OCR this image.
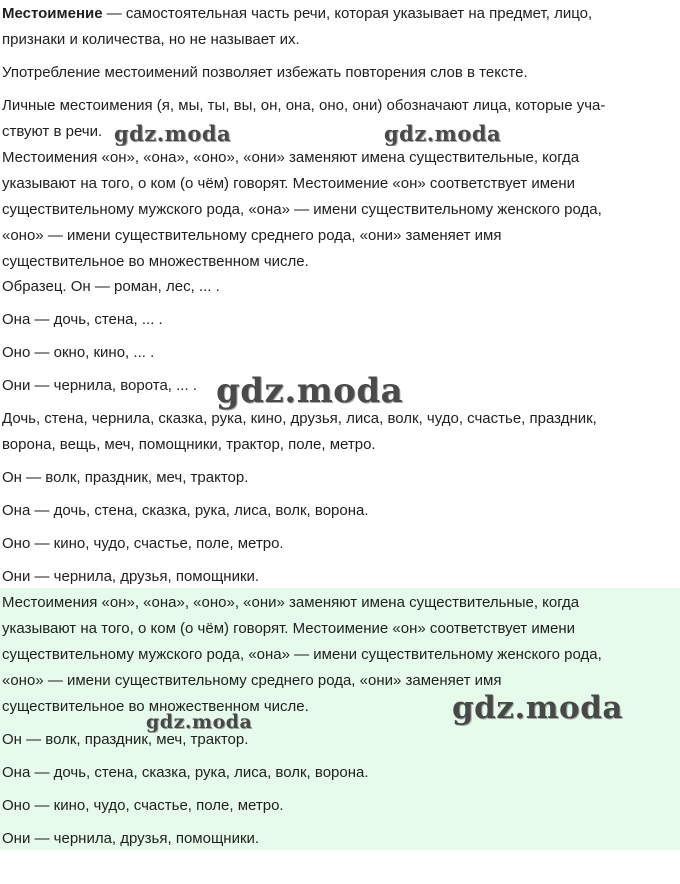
Местоимение — самостоятельная часть речи, которая указывает на предмет, лицо,
признаки и количества, но не называет их.
Употребление местоимений позволяет избежать повторения слов в тексте.
Личные местоимения (я, мы, ты, вы, он, она, оно, они) обозначают лица, которые уча-
ствуют в речи.
Местоимения «он», «она», «оно», «они» заменяют имена существительные, когда
указывают на того, о ком (о чём) говорят. Местоимение «он» соответствует имени
существительному мужского рода, «она» — имени существительному женского рода,
«оно» — имени существительному среднего рода, «они» заменяет имя
существительное во множественном числе.
Образец. Он — роман, лес, ... .
Она — дочь, стена, ... .
Оно — окно, кино, ... .
Они — чернила, ворота, ... .
Дочь, стена, чернила, сказка, рука, кино, друзья, лиса, волк, чудо, счастье, праздник,
ворона, вещь, меч, помощники, трактор, поле, метро.
Он — волк, праздник, меч, трактор.
Она — дочь, стена, сказка, рука, лиса, волк, ворона.
Оно — кино, чудо, счастье, поле, метро.
Они — чернила, друзья, помощники.
Местоимения «он», «она», «оно», «они» заменяют имена существительные, когда
указывают на того, о ком (о чём) говорят. Местоимение «он» соответствует имени
существительному мужского рода, «она» — имени существительному женского рода,
«оно» — имени существительному среднего рода, «они» заменяет имя
существительное во множественном числе.
Он — волк, праздник, меч, трактор.
Она — дочь, стена, сказка, рука, лиса, волк, ворона.
Оно — кино, чудо, счастье, поле, метро.
Они — чернила, друзья, помощники.
gdz.moda	gdz.moda
gdz.moda
gdz.moda	gdz.moda
